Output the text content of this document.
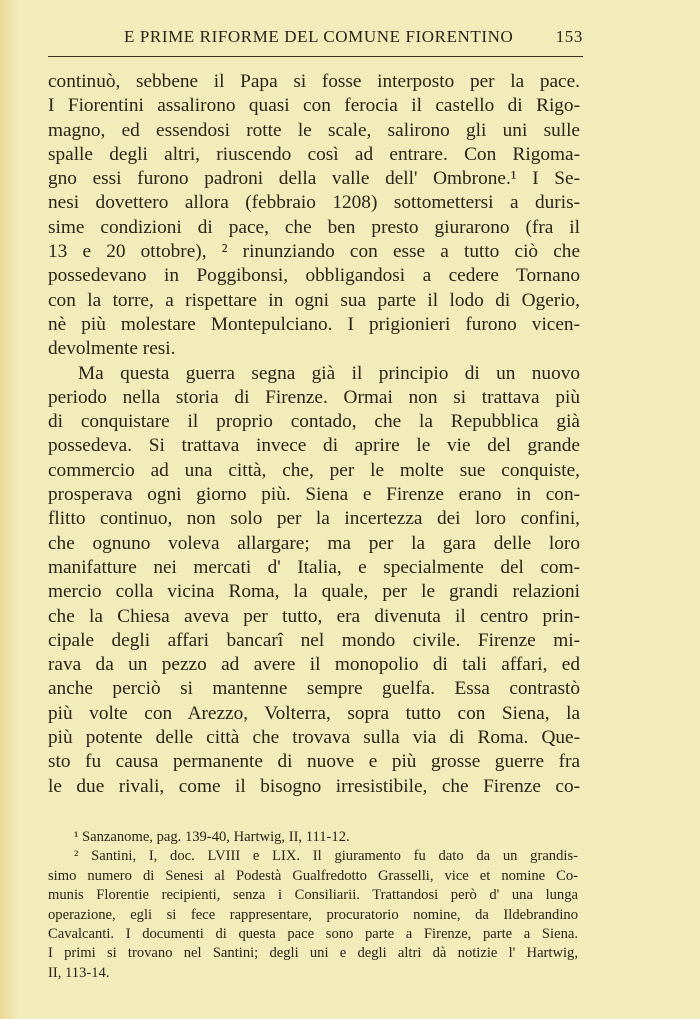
E PRIME RIFORME DEL COMUNE FIORENTINO 153
continuò, sebbene il Papa si fosse interposto per la pace.
I Fiorentini assalirono quasi con ferocia il castello di Rigo-
magno, ed essendosi rotte le scale, salirono gli uni sulle
spalle degli altri, riuscendo così ad entrare. Con Rigoma-
gno essi furono padroni della valle dell' Ombrone.¹ I Se-
nesi dovettero allora (febbraio 1208) sottomettersi a duris-
sime condizioni di pace, che ben presto giurarono (fra il
13 e 20 ottobre), ² rinunziando con esse a tutto ciò che
possedevano in Poggibonsi, obbligandosi a cedere Tornano
con la torre, a rispettare in ogni sua parte il lodo di Ogerio,
nè più molestare Montepulciano. I prigionieri furono vicen-
devolmente resi.
Ma questa guerra segna già il principio di un nuovo
periodo nella storia di Firenze. Ormai non si trattava più
di conquistare il proprio contado, che la Repubblica già
possedeva. Si trattava invece di aprire le vie del grande
commercio ad una città, che, per le molte sue conquiste,
prosperava ogni giorno più. Siena e Firenze erano in con-
flitto continuo, non solo per la incertezza dei loro confini,
che ognuno voleva allargare; ma per la gara delle loro
manifatture nei mercati d' Italia, e specialmente del com-
mercio colla vicina Roma, la quale, per le grandi relazioni
che la Chiesa aveva per tutto, era divenuta il centro prin-
cipale degli affari bancarî nel mondo civile. Firenze mi-
rava da un pezzo ad avere il monopolio di tali affari, ed
anche perciò si mantenne sempre guelfa. Essa contrastò
più volte con Arezzo, Volterra, sopra tutto con Siena, la
più potente delle città che trovava sulla via di Roma. Que-
sto fu causa permanente di nuove e più grosse guerre fra
le due rivali, come il bisogno irresistibile, che Firenze co-
¹ Sanzanome, pag. 139-40, Hartwig, II, 111-12.
² Santini, I, doc. LVIII e LIX. Il giuramento fu dato da un grandis-
simo numero di Senesi al Podestà Gualfredotto Grasselli, vice et nomine Co-
munis Florentie recipienti, senza i Consiliarii. Trattandosi però d' una lunga
operazione, egli si fece rappresentare, procuratorio nomine, da Ildebrandino
Cavalcanti. I documenti di questa pace sono parte a Firenze, parte a Siena.
I primi si trovano nel Santini; degli uni e degli altri dà notizie l' Hartwig,
II, 113-14.
